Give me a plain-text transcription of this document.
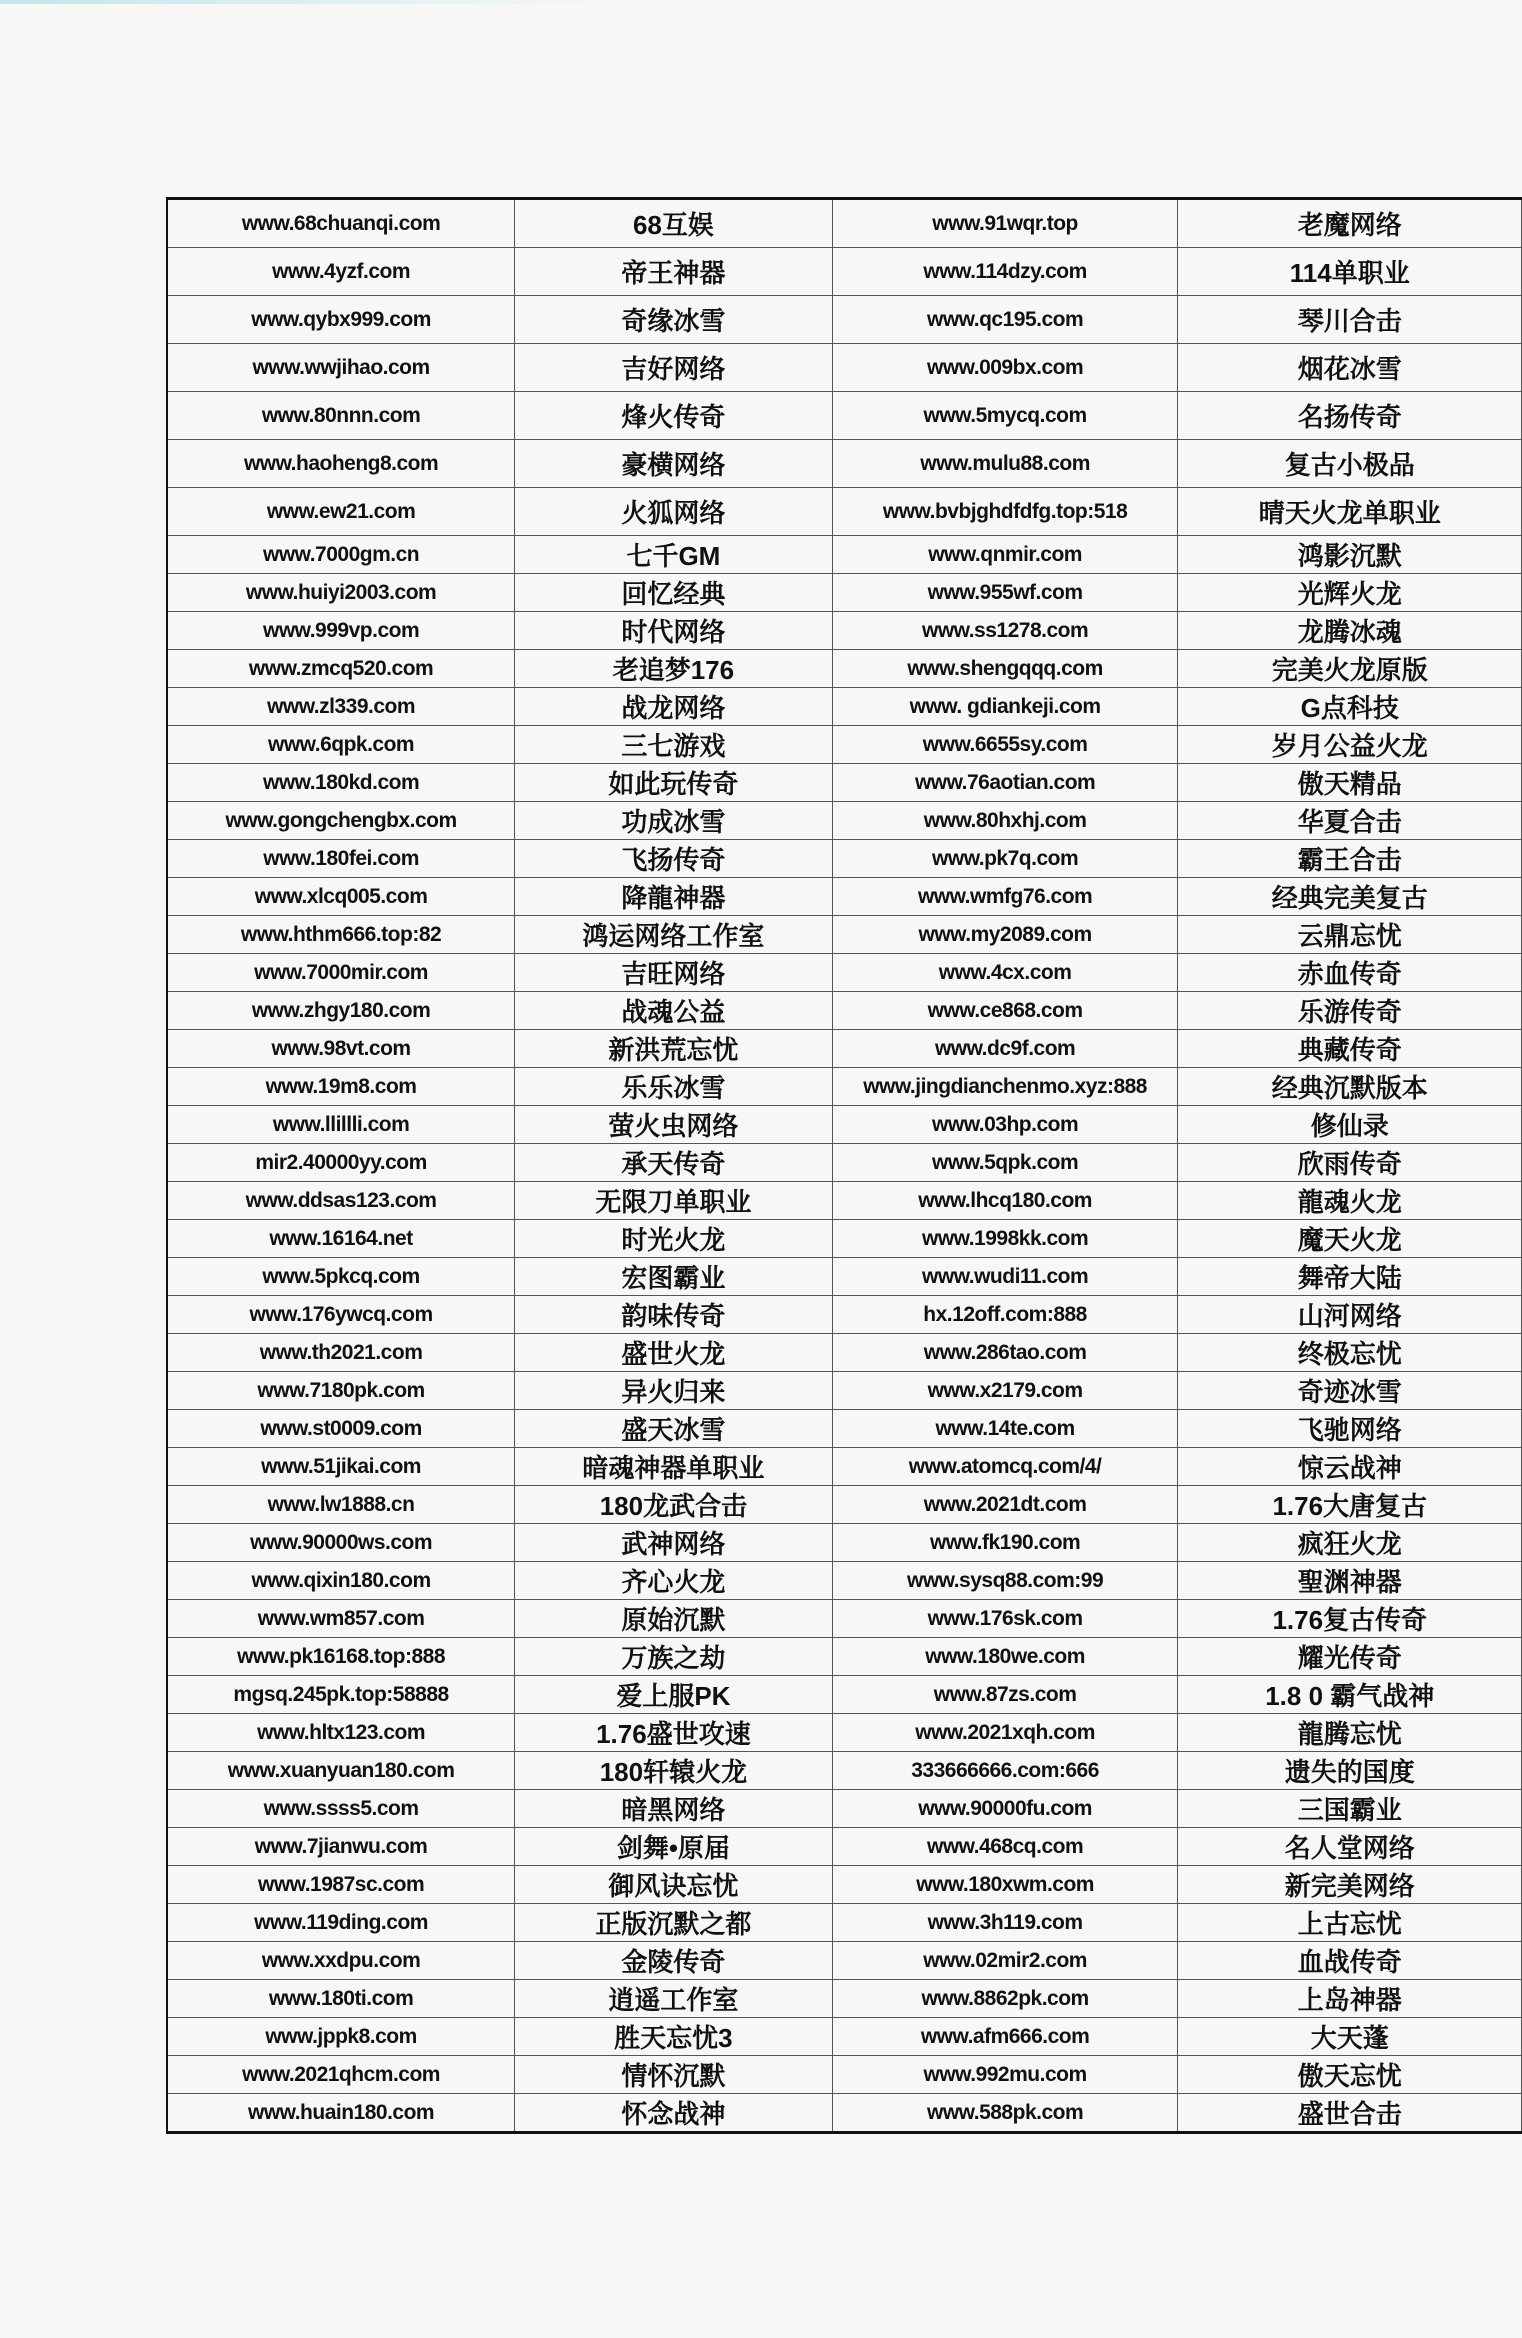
www.68chuanqi.com	68互娱	www.91wqr.top	老魔网络
www.4yzf.com	帝王神器	www.114dzy.com	114单职业
www.qybx999.com	奇缘冰雪	www.qc195.com	琴川合击
www.wwjihao.com	吉好网络	www.009bx.com	烟花冰雪
www.80nnn.com	烽火传奇	www.5mycq.com	名扬传奇
www.haoheng8.com	豪横网络	www.mulu88.com	复古小极品
www.ew21.com	火狐网络	www.bvbjghdfdfg.top:518	晴天火龙单职业
www.7000gm.cn	七千GM	www.qnmir.com	鸿影沉默
www.huiyi2003.com	回忆经典	www.955wf.com	光辉火龙
www.999vp.com	时代网络	www.ss1278.com	龙腾冰魂
www.zmcq520.com	老追梦176	www.shengqqq.com	完美火龙原版
www.zl339.com	战龙网络	www. gdiankeji.com	G点科技
www.6qpk.com	三七游戏	www.6655sy.com	岁月公益火龙
www.180kd.com	如此玩传奇	www.76aotian.com	傲天精品
www.gongchengbx.com	功成冰雪	www.80hxhj.com	华夏合击
www.180fei.com	飞扬传奇	www.pk7q.com	霸王合击
www.xlcq005.com	降龍神器	www.wmfg76.com	经典完美复古
www.hthm666.top:82	鸿运网络工作室	www.my2089.com	云鼎忘忧
www.7000mir.com	吉旺网络	www.4cx.com	赤血传奇
www.zhgy180.com	战魂公益	www.ce868.com	乐游传奇
www.98vt.com	新洪荒忘忧	www.dc9f.com	典藏传奇
www.19m8.com	乐乐冰雪	www.jingdianchenmo.xyz:888	经典沉默版本
www.llillli.com	萤火虫网络	www.03hp.com	修仙录
mir2.40000yy.com	承天传奇	www.5qpk.com	欣雨传奇
www.ddsas123.com	无限刀单职业	www.lhcq180.com	龍魂火龙
www.16164.net	时光火龙	www.1998kk.com	魔天火龙
www.5pkcq.com	宏图霸业	www.wudi11.com	舞帝大陆
www.176ywcq.com	韵味传奇	hx.12off.com:888	山河网络
www.th2021.com	盛世火龙	www.286tao.com	终极忘忧
www.7180pk.com	异火归来	www.x2179.com	奇迹冰雪
www.st0009.com	盛天冰雪	www.14te.com	飞驰网络
www.51jikai.com	暗魂神器单职业	www.atomcq.com/4/	惊云战神
www.lw1888.cn	180龙武合击	www.2021dt.com	1.76大唐复古
www.90000ws.com	武神网络	www.fk190.com	疯狂火龙
www.qixin180.com	齐心火龙	www.sysq88.com:99	聖渊神器
www.wm857.com	原始沉默	www.176sk.com	1.76复古传奇
www.pk16168.top:888	万族之劫	www.180we.com	耀光传奇
mgsq.245pk.top:58888	爱上服PK	www.87zs.com	1.8 0 霸气战神
www.hltx123.com	1.76盛世攻速	www.2021xqh.com	龍腾忘忧
www.xuanyuan180.com	180轩辕火龙	333666666.com:666	遗失的国度
www.ssss5.com	暗黑网络	www.90000fu.com	三国霸业
www.7jianwu.com	剑舞•原届	www.468cq.com	名人堂网络
www.1987sc.com	御风诀忘忧	www.180xwm.com	新完美网络
www.119ding.com	正版沉默之都	www.3h119.com	上古忘忧
www.xxdpu.com	金陵传奇	www.02mir2.com	血战传奇
www.180ti.com	逍遥工作室	www.8862pk.com	上岛神器
www.jppk8.com	胜天忘忧3	www.afm666.com	大天蓬
www.2021qhcm.com	情怀沉默	www.992mu.com	傲天忘忧
www.huain180.com	怀念战神	www.588pk.com	盛世合击
